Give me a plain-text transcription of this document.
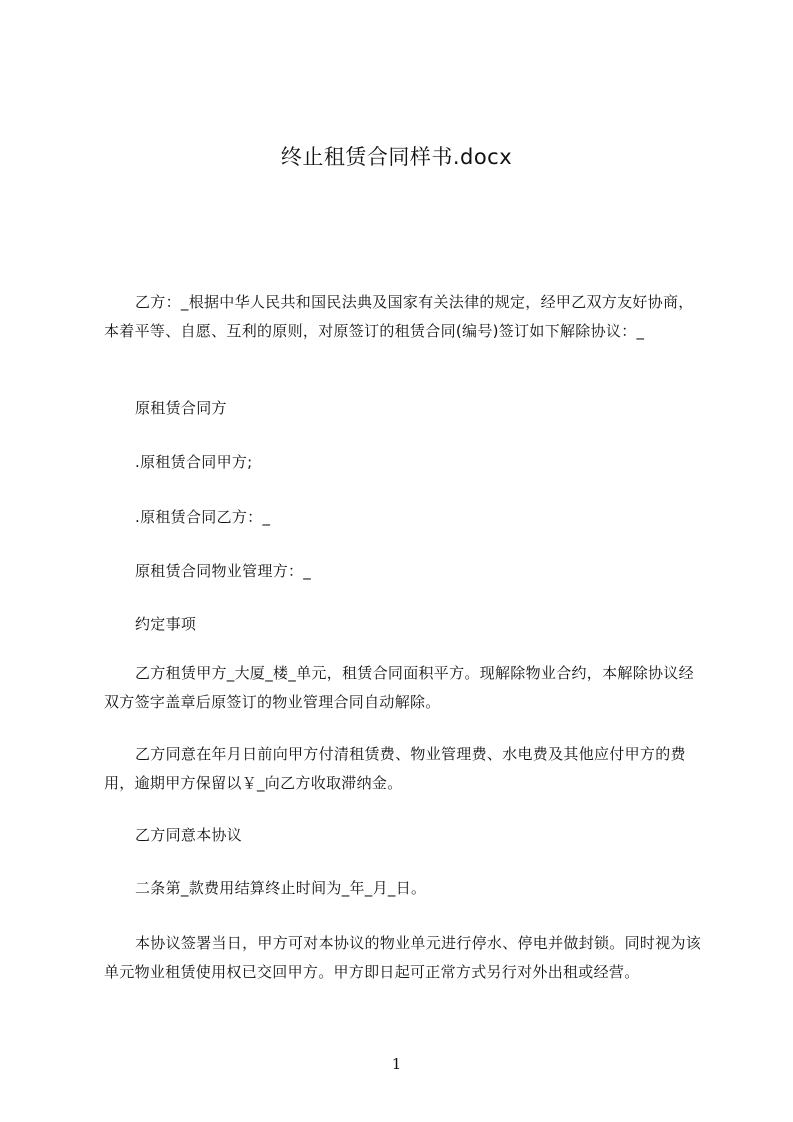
终止租赁合同样书.docx

乙方：_根据中华人民共和国民法典及国家有关法律的规定，经甲乙双方友好协商，本着平等、自愿、互利的原则，对原签订的租赁合同(编号)签订如下解除协议：_

原租赁合同方

.原租赁合同甲方;

.原租赁合同乙方：_

原租赁合同物业管理方：_

约定事项

乙方租赁甲方_大厦_楼_单元，租赁合同面积平方。现解除物业合约，本解除协议经双方签字盖章后原签订的物业管理合同自动解除。

乙方同意在年月日前向甲方付清租赁费、物业管理费、水电费及其他应付甲方的费用，逾期甲方保留以￥_向乙方收取滞纳金。

乙方同意本协议

二条第_款费用结算终止时间为_年_月_日。

本协议签署当日，甲方可对本协议的物业单元进行停水、停电并做封锁。同时视为该单元物业租赁使用权已交回甲方。甲方即日起可正常方式另行对外出租或经营。

1
